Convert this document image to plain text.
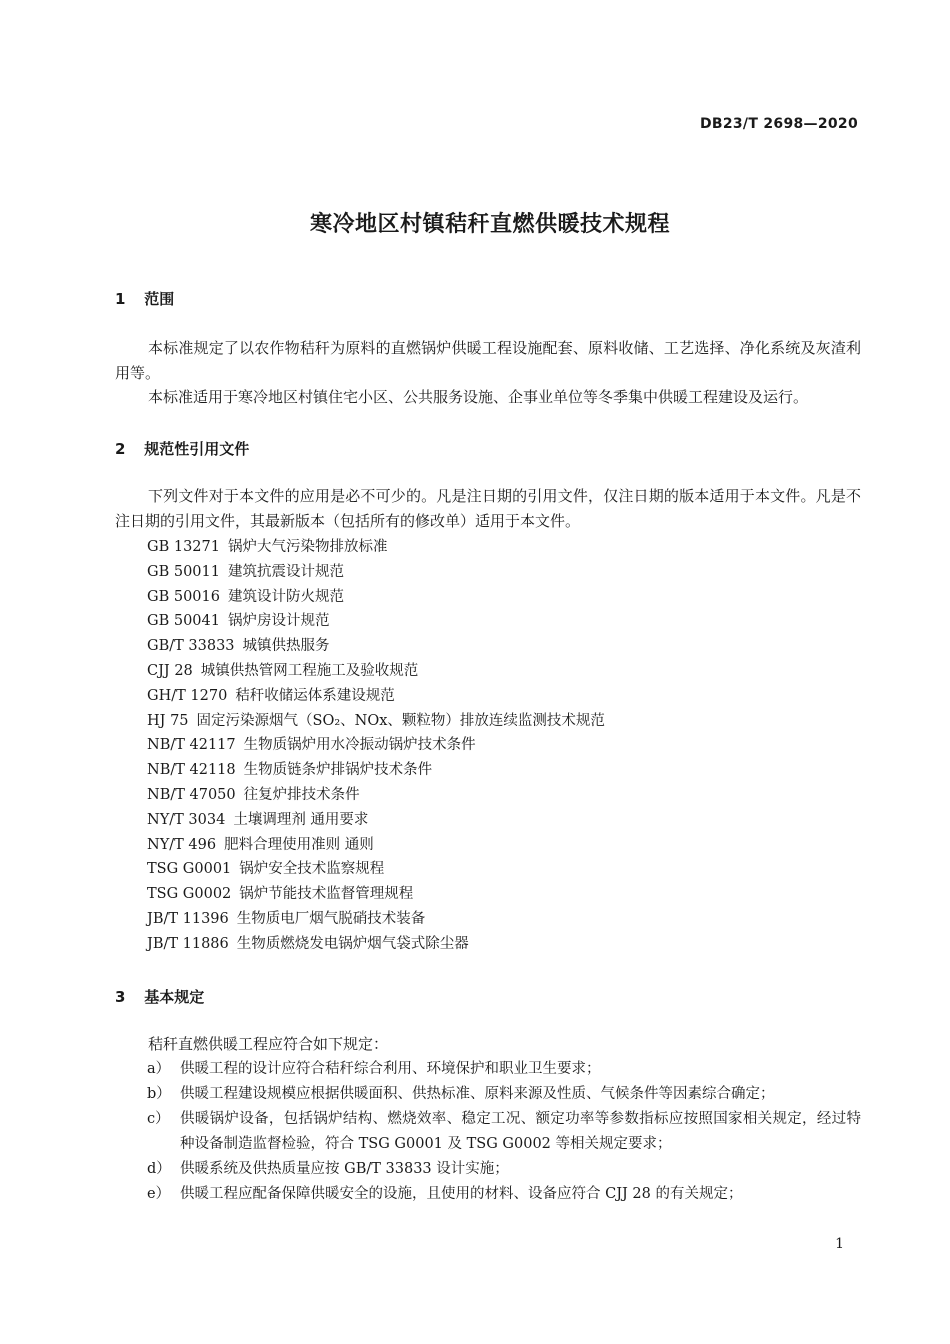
DB23/T 2698—2020
寒冷地区村镇秸秆直燃供暖技术规程
1 范围

本标准规定了以农作物秸秆为原料的直燃锅炉供暖工程设施配套、原料收储、工艺选择、净化系统及灰渣利用等。

本标准适用于寒冷地区村镇住宅小区、公共服务设施、企事业单位等冬季集中供暖工程建设及运行。

2 规范性引用文件

下列文件对于本文件的应用是必不可少的。凡是注日期的引用文件，仅注日期的版本适用于本文件。凡是不注日期的引用文件，其最新版本（包括所有的修改单）适用于本文件。

GB 13271 锅炉大气污染物排放标准
GB 50011 建筑抗震设计规范
GB 50016 建筑设计防火规范
GB 50041 锅炉房设计规范
GB/T 33833 城镇供热服务
CJJ 28 城镇供热管网工程施工及验收规范
GH/T 1270 秸秆收储运体系建设规范
HJ 75 固定污染源烟气（SO₂、NOx、颗粒物）排放连续监测技术规范
NB/T 42117 生物质锅炉用水冷振动锅炉技术条件
NB/T 42118 生物质链条炉排锅炉技术条件
NB/T 47050 往复炉排技术条件
NY/T 3034 土壤调理剂 通用要求
NY/T 496 肥料合理使用准则 通则
TSG G0001 锅炉安全技术监察规程
TSG G0002 锅炉节能技术监督管理规程
JB/T 11396 生物质电厂烟气脱硝技术装备
JB/T 11886 生物质燃烧发电锅炉烟气袋式除尘器
3 基本规定

秸秆直燃供暖工程应符合如下规定：

a） 供暖工程的设计应符合秸秆综合利用、环境保护和职业卫生要求；
b） 供暖工程建设规模应根据供暖面积、供热标准、原料来源及性质、气候条件等因素综合确定；
c） 供暖锅炉设备，包括锅炉结构、燃烧效率、稳定工况、额定功率等参数指标应按照国家相关规定，经过特种设备制造监督检验，符合 TSG G0001 及 TSG G0002 等相关规定要求；
d） 供暖系统及供热质量应按 GB/T 33833 设计实施；
e） 供暖工程应配备保障供暖安全的设施，且使用的材料、设备应符合 CJJ 28 的有关规定；
1
